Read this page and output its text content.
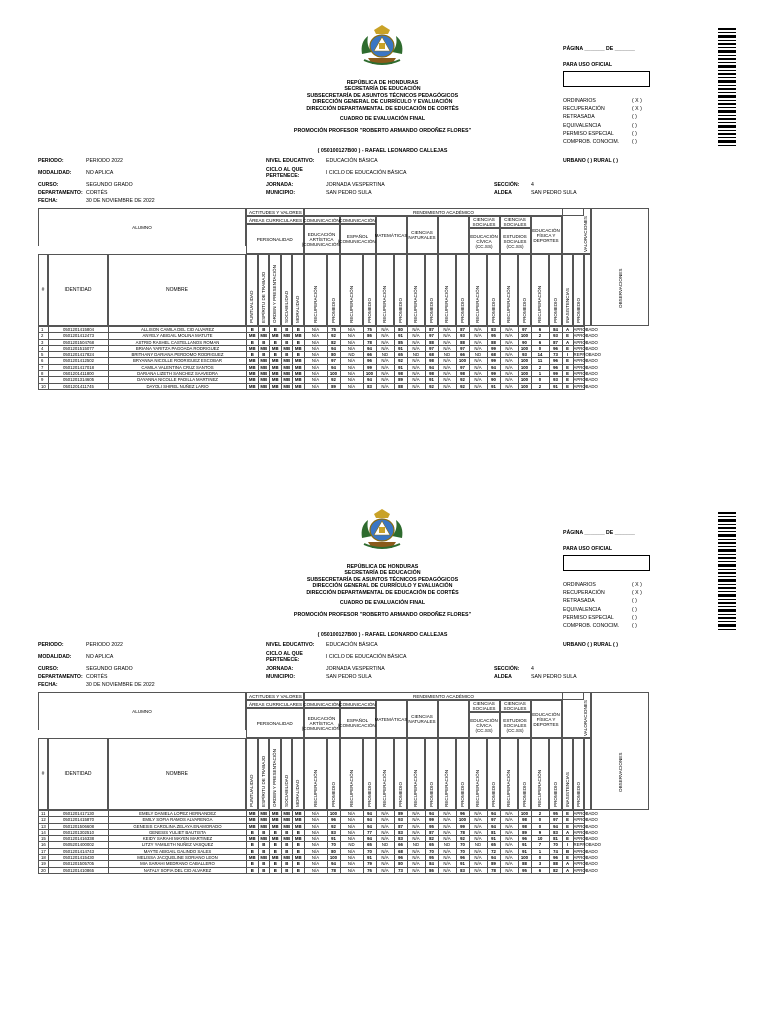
REPÚBLICA DE HONDURAS
SECRETARÍA DE EDUCACIÓN
SUBSECRETARÍA DE ASUNTOS TÉCNICOS PEDAGÓGICOS
DIRECCIÓN GENERAL DE CURRÍCULO Y EVALUACIÓN
DIRECCIÓN DEPARTAMENTAL DE EDUCACIÓN DE CORTÉS
CUADRO DE EVALUACIÓN FINAL
PROMOCIÓN PROFESOR "ROBERTO ARMANDO ORDOÑEZ FLORES"
( 050100127B00 ) - RAFAEL LEONARDO CALLEJAS
PÁGINA _______ DE _______
PARA USO OFICIAL
ORDINARIOS
RECUPERACIÓN
RETRASADA
EQUIVALENCIA
PERMISO ESPECIAL
COMPROB. CONOCIM.
( X )
( X )
( )
( )
( )
( )
PERIODO:	PERIODO 2022
MODALIDAD:	NO APLICA
CURSO:	SEGUNDO GRADO
DEPARTAMENTO: CORTÉS
FECHA:	30 DE NOVIEMBRE DE 2022
NIVEL EDUCATIVO: EDUCACIÓN BÁSICA
CICLO AL QUE PERTENECE:	I CICLO DE EDUCACIÓN BÁSICA
JORNADA:	JORNADA VESPERTINA
MUNICIPIO:	SAN PEDRO SULA
SECCIÓN: 4
ALDEA	SAN PEDRO SULA
URBANO ( ) RURAL ( )
ALUMNO
ACTITUDES Y VALORES	RENDIMIENTO ACADÉMICO
ÁREAS CURRICULARES COMUNICACIÓN COMUNICACIÓN	CIENCIAS SOCIALES
CIENCIAS SOCIALES
PERSONALIDAD
EDUCACIÓN ARTÍSTICA (COMUNICACIÓN)
ESPAÑOL (COMUNICACIÓN)
MATEMÁTICAS CIENCIAS NATURALES	EDUCACIÓN CÍVICA (CC.SS)
ESTUDIOS SOCIALES (CC.SS)
EDUCACIÓN FÍSICA Y DEPORTES
#	IDENTIDAD	NOMBRE
PUNTUALIDAD ESPÍRITU DE TRABAJO ORDEN Y PRESENTACIÓN SOCIABILIDAD MORALIDAD	RECUPERACIÓN	PROMEDIO	RECUPERACIÓN	PROMEDIO RECUPERACIÓN PROMEDIO RECUPERACIÓN PROMEDIO RECUPERACIÓN PROMEDIO RECUPERACIÓN PROMEDIO RECUPERACIÓN PROMEDIO RECUPERACIÓN PROMEDIO INASISTENCIAS PROMEDIO
VALORACIONES
OBSERVACIONES
1	0501201415804	ALLISON CAMILA DEL CID ALVAREZ	B	B	B	B	B	N/A	75	N/A	75	N/A	80	N/A	87	N/A	87	N/A	83	N/A	97	6	84	A	APROBADO
2	0501201412473	ANYELY ABIGAIL MOLINA MATUTE	MB	MB	MB	MB	MB	N/A	92	N/A	86	N/A	91	N/A	97	N/A	93	N/A	95	N/A	100	2	93	E	APROBADO
3	0501201504768	ASTRID RASHEL CASTELLANOS ROMAN	B	B	B	B	B	N/A	82	N/A	78	N/A	85	N/A	88	N/A	88	N/A	88	N/A	90	6	87	A	APROBADO
4	0501201515077	BRIANA YARITZA PAGOADA RODRIGUEZ	MB	MB	MB	MB	MB	N/A	94	N/A	94	N/A	91	N/A	97	N/A	97	N/A	99	N/A	100	0	96	E	APROBADO
5	0501201417824	BRITHANY DARIANA PERDOMO RODRIGUEZ	B	B	B	B	B	N/A	80	ND	66	ND	65	ND	68	ND	66	ND	68	N/A	93	14	73	I	REPROBADO
6	0501201412502	BRYANNA NICOLLE RODRIGUEZ ESCOBAR	MB	MB	MB	MB	MB	N/A	97	N/A	96	N/A	92	N/A	98	N/A	100	N/A	99	N/A	100	11	96	E	APROBADO
7	0501201417018	CAMILA VALENTINA CRUZ SANTOS	MB	MB	MB	MB	MB	N/A	94	N/A	99	N/A	91	N/A	94	N/A	97	N/A	94	N/A	100	2	96	E	APROBADO
8	0501201411800	DARIANA LIZETH SANCHEZ SAAVEDRA	MB	MB	MB	MB	MB	N/A	100	N/A	100	N/A	98	N/A	98	N/A	98	N/A	99	N/A	100	1	99	E	APROBADO
9	0501201314605	DAYANNA NICOLLE PADILLA MARTINEZ	MB	MB	MB	MB	MB	N/A	92	N/A	94	N/A	89	N/A	91	N/A	92	N/A	90	N/A	100	0	93	E	APROBADO
10	0501201411745	DAYOLI SHIREL NUÑEZ LARIO	MB	MB	MB	MB	MB	N/A	89	N/A	83	N/A	88	N/A	92	N/A	92	N/A	91	N/A	100	2	91	E	APROBADO
REPÚBLICA DE HONDURAS
SECRETARÍA DE EDUCACIÓN
SUBSECRETARÍA DE ASUNTOS TÉCNICOS PEDAGÓGICOS
DIRECCIÓN GENERAL DE CURRÍCULO Y EVALUACIÓN
DIRECCIÓN DEPARTAMENTAL DE EDUCACIÓN DE CORTÉS
CUADRO DE EVALUACIÓN FINAL
PROMOCIÓN PROFESOR "ROBERTO ARMANDO ORDOÑEZ FLORES"
( 050100127B00 ) - RAFAEL LEONARDO CALLEJAS
PÁGINA _______ DE _______
PARA USO OFICIAL
ORDINARIOS
RECUPERACIÓN
RETRASADA
EQUIVALENCIA
PERMISO ESPECIAL
COMPROB. CONOCIM.
( X )
( X )
( )
( )
( )
( )
PERIODO:	PERIODO 2022
MODALIDAD:	NO APLICA
CURSO:	SEGUNDO GRADO
DEPARTAMENTO: CORTÉS
FECHA:	30 DE NOVIEMBRE DE 2022
NIVEL EDUCATIVO: EDUCACIÓN BÁSICA
CICLO AL QUE PERTENECE:	I CICLO DE EDUCACIÓN BÁSICA
JORNADA:	JORNADA VESPERTINA
MUNICIPIO:	SAN PEDRO SULA
SECCIÓN: 4
ALDEA	SAN PEDRO SULA
URBANO ( ) RURAL ( )
ALUMNO
ACTITUDES Y VALORES	RENDIMIENTO ACADÉMICO
ÁREAS CURRICULARES COMUNICACIÓN COMUNICACIÓN	CIENCIAS SOCIALES
CIENCIAS SOCIALES
PERSONALIDAD
EDUCACIÓN ARTÍSTICA (COMUNICACIÓN)
ESPAÑOL (COMUNICACIÓN)
MATEMÁTICAS CIENCIAS NATURALES	EDUCACIÓN CÍVICA (CC.SS)
ESTUDIOS SOCIALES (CC.SS)
EDUCACIÓN FÍSICA Y DEPORTES
#	IDENTIDAD	NOMBRE
PUNTUALIDAD ESPÍRITU DE TRABAJO ORDEN Y PRESENTACIÓN SOCIABILIDAD MORALIDAD	RECUPERACIÓN	PROMEDIO	RECUPERACIÓN	PROMEDIO RECUPERACIÓN PROMEDIO RECUPERACIÓN PROMEDIO RECUPERACIÓN PROMEDIO RECUPERACIÓN PROMEDIO RECUPERACIÓN PROMEDIO RECUPERACIÓN PROMEDIO INASISTENCIAS PROMEDIO
VALORACIONES
OBSERVACIONES
11	0501201417130	EMELY DANIELA LOPEZ HERNANDEZ	MB	MB	MB	MB	MB	N/A	100	N/A	94	N/A	89	N/A	94	N/A	96	N/A	94	N/A	100	2	95	E	APROBADO
12	0501201415870	EMILY SOFIA RAMOS ALVARENGA	MB	MB	MB	MB	MB	N/A	96	N/A	94	N/A	93	N/A	99	N/A	100	N/A	97	N/A	98	0	97	E	APROBADO
13	0501201506608	GENESIS CAROLINA ZELAYA ENAMORADO	MB	MB	MB	MB	MB	N/A	92	N/A	94	N/A	87	N/A	95	N/A	99	N/A	94	N/A	98	0	94	E	APROBADO
14	0501201302510	GENESIS YULIET BAUTISTA	B	B	B	B	B	N/A	83	N/A	77	N/A	83	N/A	87	N/A	78	N/A	81	N/A	89	9	83	A	APROBADO
15	0501201416338	KEIDY SARAHI MAYEN MARTINEZ	MB	MB	MB	MB	MB	N/A	91	N/A	94	N/A	83	N/A	82	N/A	92	N/A	91	N/A	96	10	81	E	APROBADO
16	0505201400002	LITZY YAMILETH NUÑEZ VASQUEZ	B	B	B	B	B	N/A	70	ND	65	ND	66	ND	65	ND	70	ND	65	N/A	91	7	70	I	REPROBADO
17	0501201414743	MAYTE ABIGAIL GALINDO SALES	B	B	B	B	B	N/A	80	N/A	70	N/A	68	N/A	70	N/A	70	N/A	72	N/A	91	1	74	B	APROBADO
18	0501201415430	MELISSA JACQUELINE SORIANO LEON	MB	MB	MB	MB	MB	N/A	100	N/A	91	N/A	96	N/A	95	N/A	96	N/A	94	N/A	100	0	96	E	APROBADO
19	0501201505705	MIA SARAHI MEDRANO CABALLERO	B	B	B	B	B	N/A	94	N/A	79	N/A	80	N/A	84	N/A	91	N/A	89	N/A	88	3	88	A	APROBADO
20	0501201410865	NATALY SOFIA DEL CID ALVAREZ	B	B	B	B	B	N/A	78	N/A	76	N/A	73	N/A	86	N/A	83	N/A	78	N/A	95	6	82	A	APROBADO
